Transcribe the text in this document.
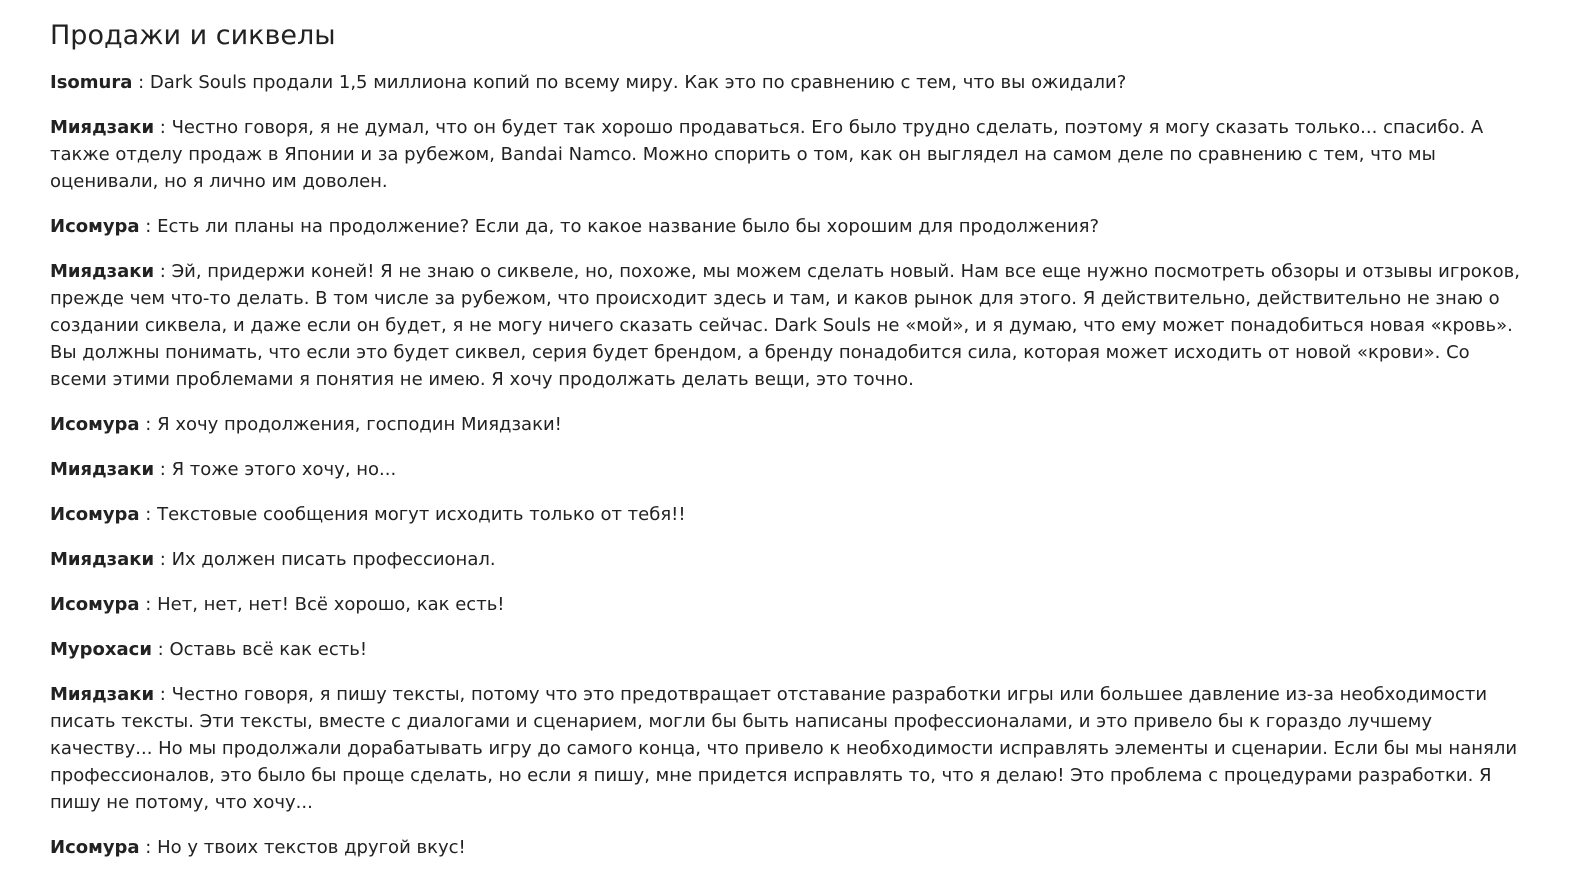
Продажи и сиквелы

Isomura : Dark Souls продали 1,5 миллиона копий по всему миру. Как это по сравнению с тем, что вы ожидали?

Миядзаки : Честно говоря, я не думал, что он будет так хорошо продаваться. Его было трудно сделать, поэтому я могу сказать только... спасибо. А также отделу продаж в Японии и за рубежом, Bandai Namco. Можно спорить о том, как он выглядел на самом деле по сравнению с тем, что мы оценивали, но я лично им доволен.

Исомура : Есть ли планы на продолжение? Если да, то какое название было бы хорошим для продолжения?

Миядзаки : Эй, придержи коней! Я не знаю о сиквеле, но, похоже, мы можем сделать новый. Нам все еще нужно посмотреть обзоры и отзывы игроков, прежде чем что-то делать. В том числе за рубежом, что происходит здесь и там, и каков рынок для этого. Я действительно, действительно не знаю о создании сиквела, и даже если он будет, я не могу ничего сказать сейчас. Dark Souls не «мой», и я думаю, что ему может понадобиться новая «кровь». Вы должны понимать, что если это будет сиквел, серия будет брендом, а бренду понадобится сила, которая может исходить от новой «крови». Со всеми этими проблемами я понятия не имею. Я хочу продолжать делать вещи, это точно.

Исомура : Я хочу продолжения, господин Миядзаки!

Миядзаки : Я тоже этого хочу, но...

Исомура : Текстовые сообщения могут исходить только от тебя!!

Миядзаки : Их должен писать профессионал.

Исомура : Нет, нет, нет! Всё хорошо, как есть!

Мурохаси : Оставь всё как есть!

Миядзаки : Честно говоря, я пишу тексты, потому что это предотвращает отставание разработки игры или большее давление из-за необходимости писать тексты. Эти тексты, вместе с диалогами и сценарием, могли бы быть написаны профессионалами, и это привело бы к гораздо лучшему качеству... Но мы продолжали дорабатывать игру до самого конца, что привело к необходимости исправлять элементы и сценарии. Если бы мы наняли профессионалов, это было бы проще сделать, но если я пишу, мне придется исправлять то, что я делаю! Это проблема с процедурами разработки. Я пишу не потому, что хочу...

Исомура : Но у твоих текстов другой вкус!
